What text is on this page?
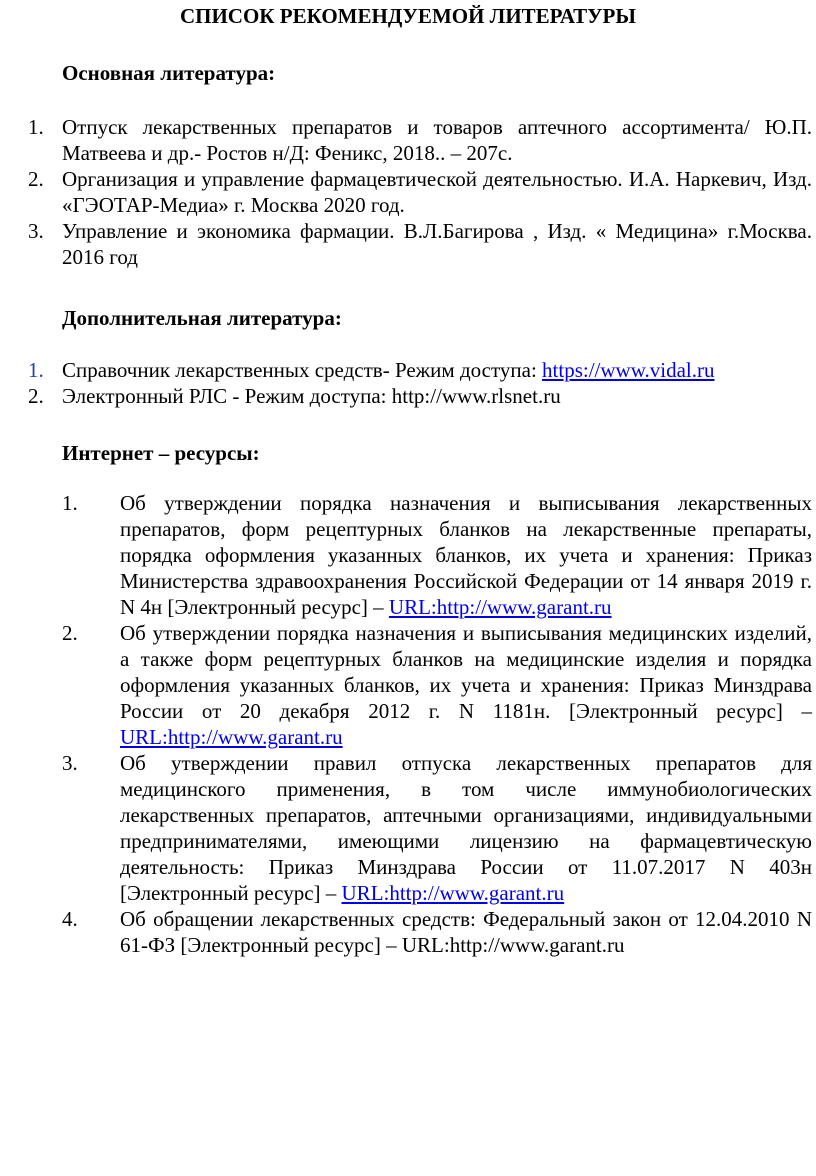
СПИСОК РЕКОМЕНДУЕМОЙ ЛИТЕРАТУРЫ
Основная литература:
1. Отпуск лекарственных препаратов и товаров аптечного ассортимента/ Ю.П. Матвеева и др.- Ростов н/Д: Феникс, 2018.. – 207с.
2. Организация и управление фармацевтической деятельностью. И.А. Наркевич, Изд. «ГЭОТАР-Медиа» г. Москва 2020 год.
3. Управление и экономика фармации. В.Л.Багирова , Изд. « Медицина» г.Москва. 2016 год
Дополнительная литература:
1. Справочник лекарственных средств- Режим доступа: https://www.vidal.ru
2. Электронный РЛС - Режим доступа: http://www.rlsnet.ru
Интернет – ресурсы:
1.	Об утверждении порядка назначения и выписывания лекарственных препаратов, форм рецептурных бланков на лекарственные препараты, порядка оформления указанных бланков, их учета и хранения: Приказ Министерства здравоохранения Российской Федерации от 14 января 2019 г. N 4н [Электронный ресурс] – URL:http://www.garant.ru
2.	Об утверждении порядка назначения и выписывания медицинских изделий, а также форм рецептурных бланков на медицинские изделия и порядка оформления указанных бланков, их учета и хранения: Приказ Минздрава России от 20 декабря 2012 г. N 1181н. [Электронный ресурс] – URL:http://www.garant.ru
3.	Об утверждении правил отпуска лекарственных препаратов для медицинского применения, в том числе иммунобиологических лекарственных препаратов, аптечными организациями, индивидуальными предпринимателями, имеющими лицензию на фармацевтическую деятельность: Приказ Минздрава России от 11.07.2017 N 403н [Электронный ресурс] – URL:http://www.garant.ru
4.	Об обращении лекарственных средств: Федеральный закон от 12.04.2010 N 61-ФЗ [Электронный ресурс] – URL:http://www.garant.ru
